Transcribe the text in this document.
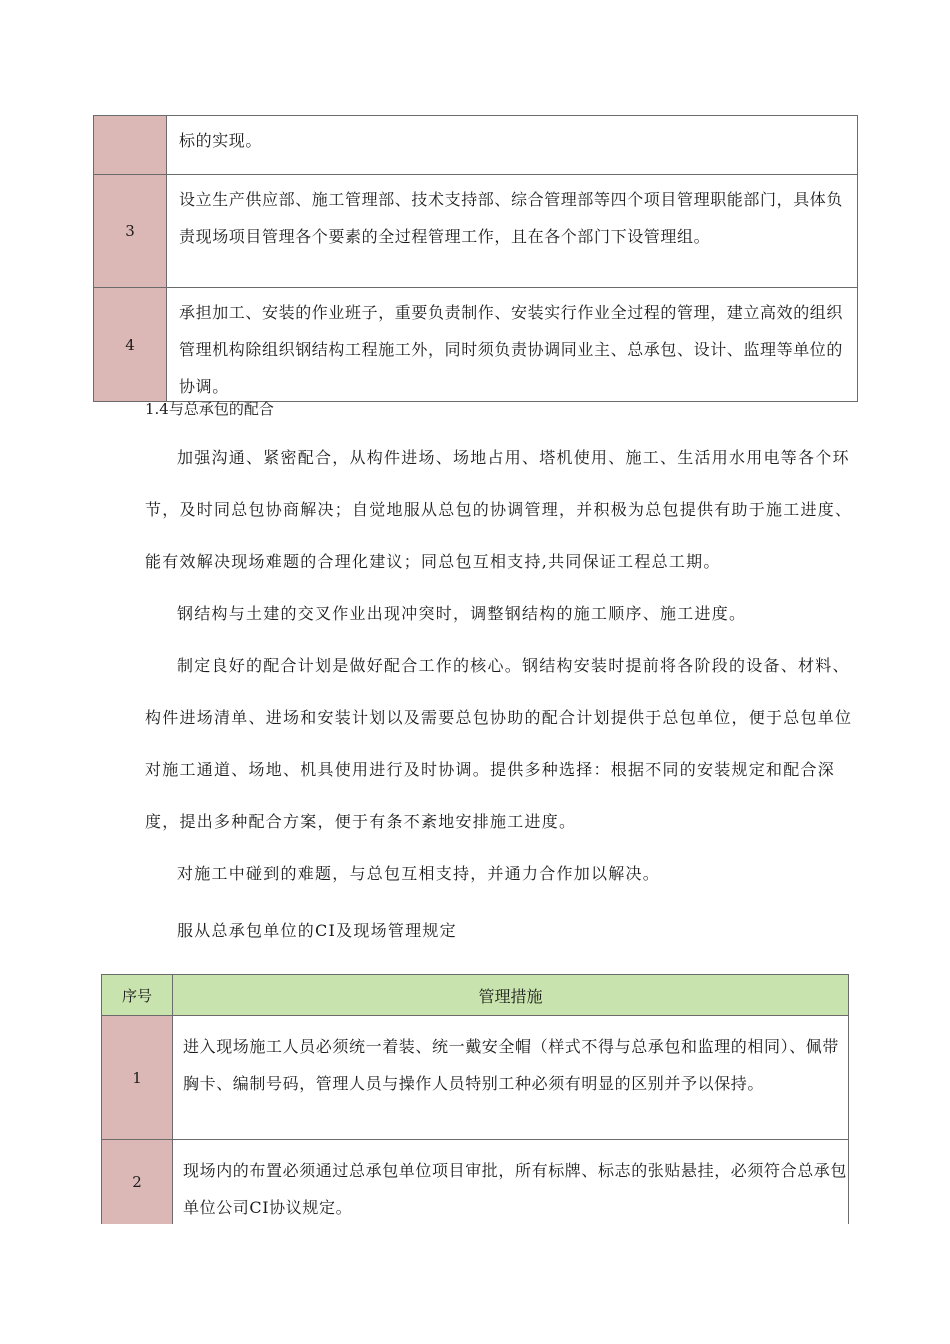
标的实现。
3
设立生产供应部、施工管理部、技术支持部、综合管理部等四个项目管理职能部门，具体负责现场项目管理各个要素的全过程管理工作，且在各个部门下设管理组。
4
承担加工、安装的作业班子，重要负责制作、安装实行作业全过程的管理，建立高效的组织管理机构除组织钢结构工程施工外，同时须负责协调同业主、总承包、设计、监理等单位的协调。
1.4与总承包的配合

加强沟通、紧密配合，从构件进场、场地占用、塔机使用、施工、生活用水用电等各个环节，及时同总包协商解决；自觉地服从总包的协调管理，并积极为总包提供有助于施工进度、能有效解决现场难题的合理化建议；同总包互相支持,共同保证工程总工期。

钢结构与土建的交叉作业出现冲突时，调整钢结构的施工顺序、施工进度。

制定良好的配合计划是做好配合工作的核心。钢结构安装时提前将各阶段的设备、材料、构件进场清单、进场和安装计划以及需要总包协助的配合计划提供于总包单位，便于总包单位对施工通道、场地、机具使用进行及时协调。提供多种选择：根据不同的安装规定和配合深度，提出多种配合方案，便于有条不紊地安排施工进度。

对施工中碰到的难题，与总包互相支持，并通力合作加以解决。

服从总承包单位的CI及现场管理规定

序号	管理措施
1
进入现场施工人员必须统一着装、统一戴安全帽（样式不得与总承包和监理的相同）、佩带胸卡、编制号码，管理人员与操作人员特别工种必须有明显的区别并予以保持。
2
现场内的布置必须通过总承包单位项目审批，所有标牌、标志的张贴悬挂，必须符合总承包单位公司CI协议规定。
